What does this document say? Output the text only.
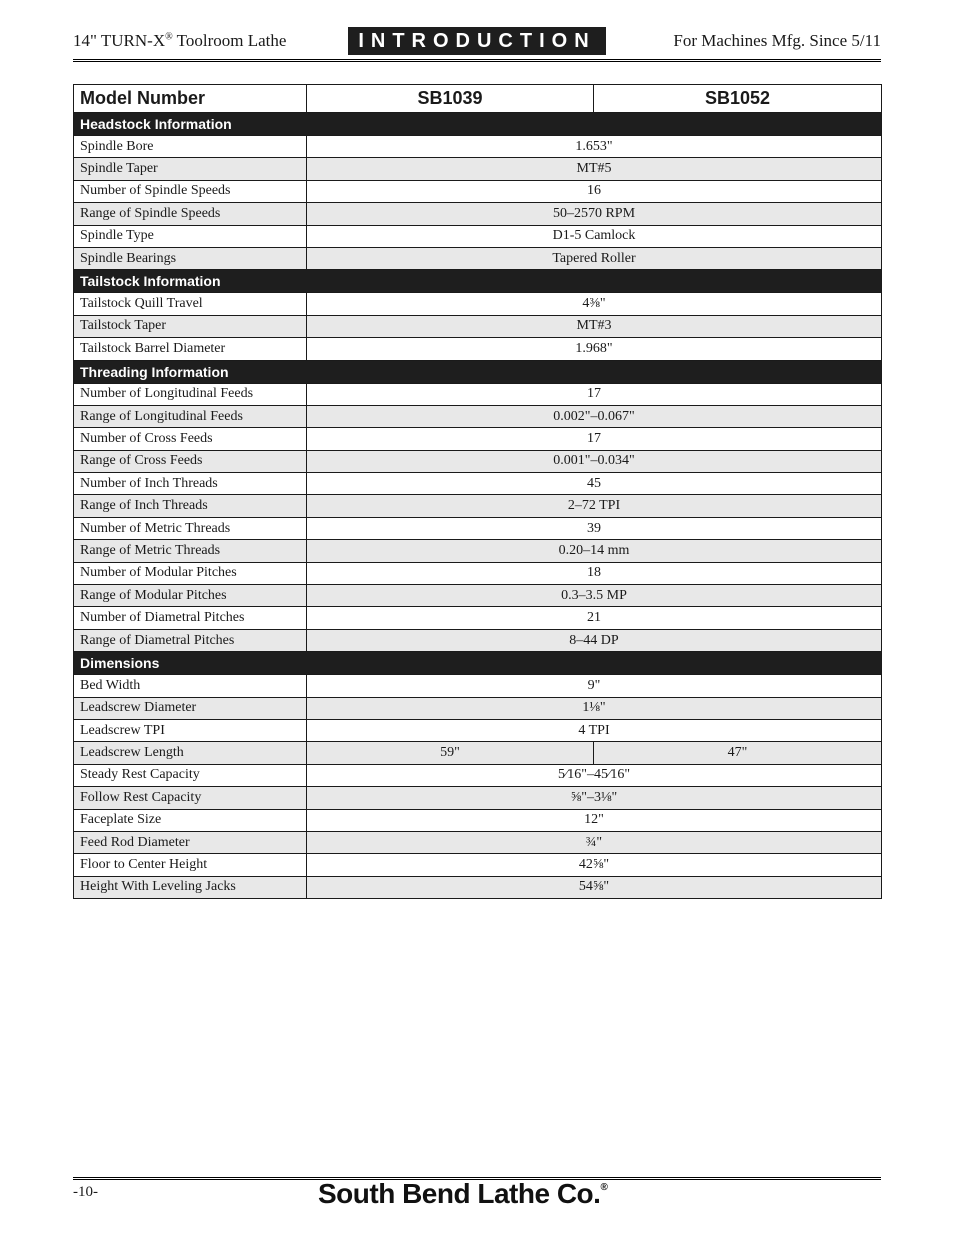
14" TURN-X® Toolroom Lathe	INTRODUCTION	For Machines Mfg. Since 5/11
Model Number	SB1039	SB1052
Headstock Information		
Spindle Bore	1.653"	
Spindle Taper	MT#5	
Number of Spindle Speeds	16	
Range of Spindle Speeds	50–2570 RPM	
Spindle Type	D1-5 Camlock	
Spindle Bearings	Tapered Roller	
Tailstock Information		
Tailstock Quill Travel	4⅜"	
Tailstock Taper	MT#3	
Tailstock Barrel Diameter	1.968"	
Threading Information		
Number of Longitudinal Feeds	17	
Range of Longitudinal Feeds	0.002"–0.067"	
Number of Cross Feeds	17	
Range of Cross Feeds	0.001"–0.034"	
Number of Inch Threads	45	
Range of Inch Threads	2–72 TPI	
Number of Metric Threads	39	
Range of Metric Threads	0.20–14 mm	
Number of Modular Pitches	18	
Range of Modular Pitches	0.3–3.5 MP	
Number of Diametral Pitches	21	
Range of Diametral Pitches	8–44 DP	
Dimensions		
Bed Width	9"	
Leadscrew Diameter	1⅛"	
Leadscrew TPI	4 TPI	
Leadscrew Length	59"	47"
Steady Rest Capacity	5⁄16"–45⁄16"	
Follow Rest Capacity	⅝"–3⅛"	
Faceplate Size	12"	
Feed Rod Diameter	¾"	
Floor to Center Height	42⅝"	
Height With Leveling Jacks	54⅝"	
-10-	South Bend Lathe Co.®
